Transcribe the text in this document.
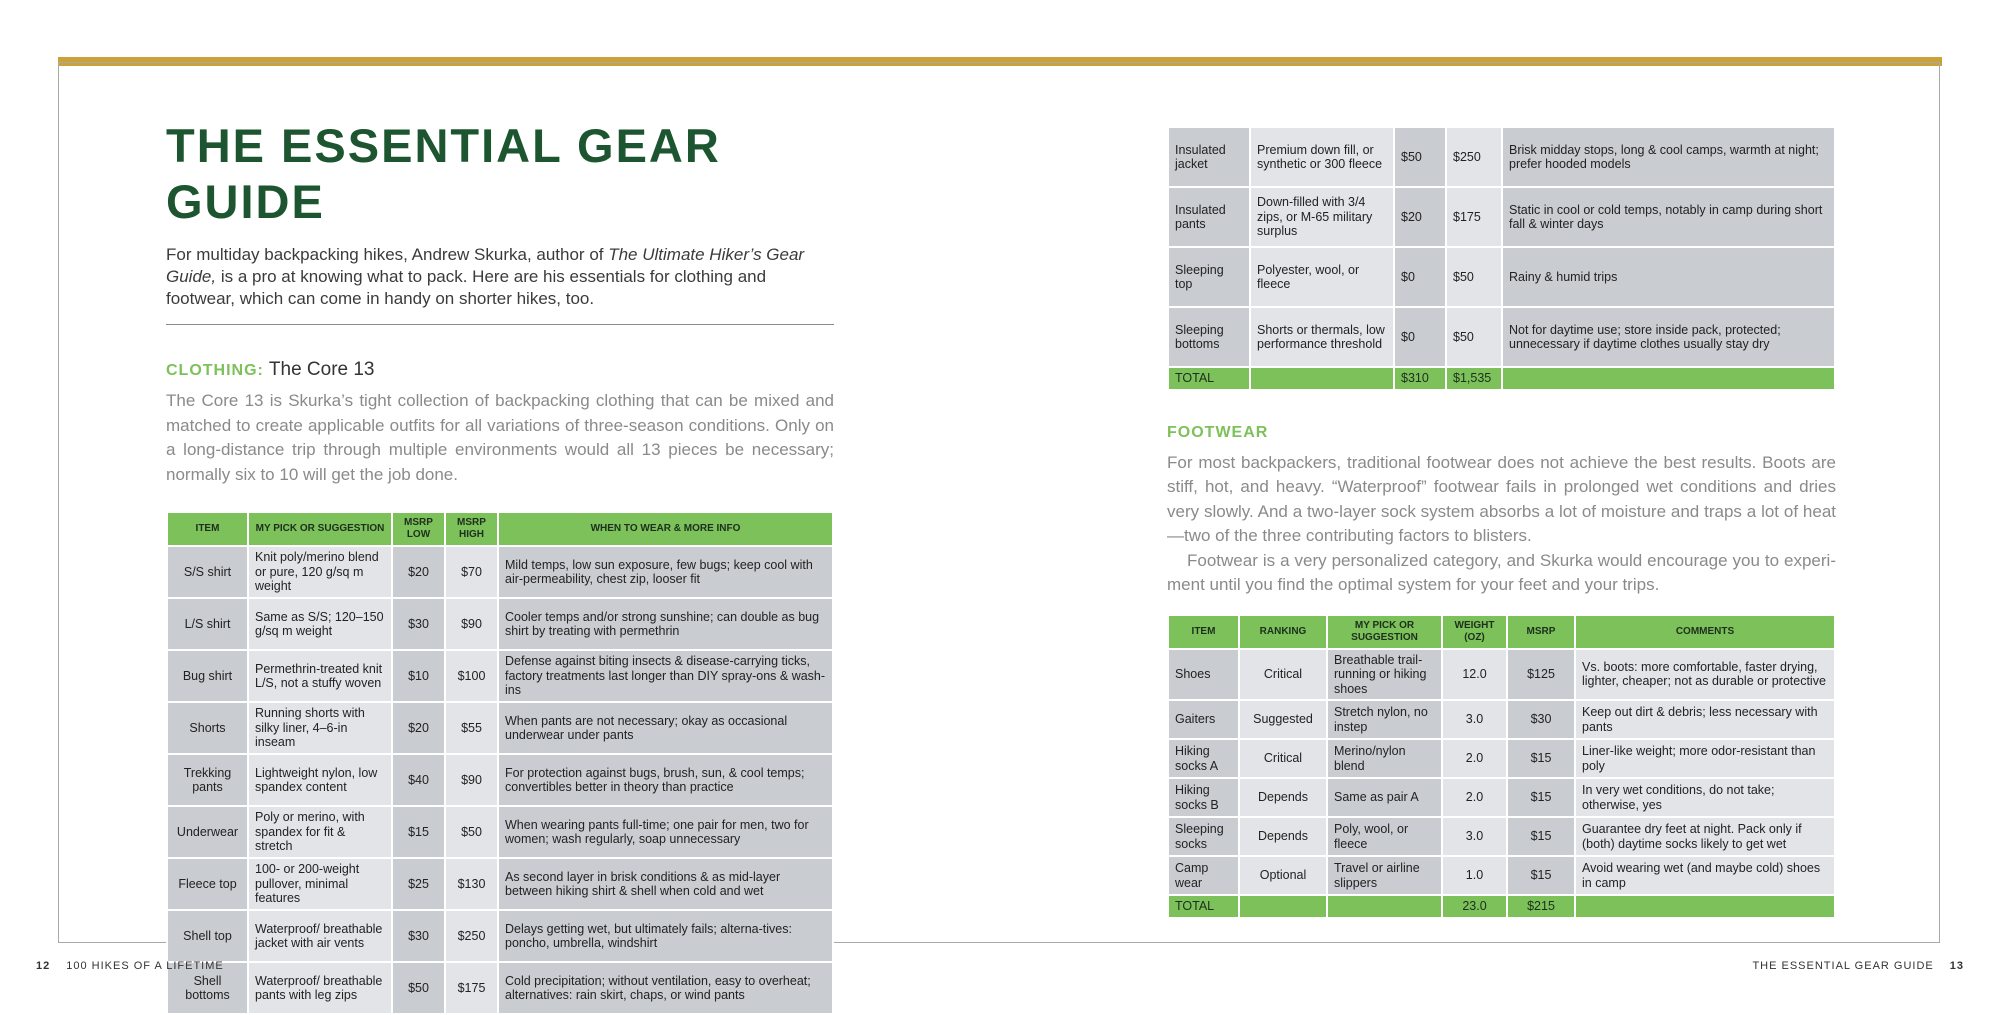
THE ESSENTIAL GEAR GUIDE

For multiday backpacking hikes, Andrew Skurka, author of The Ultimate Hiker’s Gear Guide, is a pro at knowing what to pack. Here are his essentials for clothing and footwear, which can come in handy on shorter hikes, too.

CLOTHING: The Core 13

The Core 13 is Skurka’s tight collection of backpacking clothing that can be mixed and matched to create applicable outfits for all variations of three-season conditions. Only on a long-distance trip through multiple environments would all 13 pieces be necessary; normally six to 10 will get the job done.

ITEM	MY PICK OR SUGGESTION	MSRP LOW	MSRP HIGH	WHEN TO WEAR & MORE INFO
S/S shirt	Knit poly/merino blend or pure, 120 g/sq m weight	$20	$70	Mild temps, low sun exposure, few bugs; keep cool with air-permeability, chest zip, looser fit
L/S shirt	Same as S/S; 120–150 g/sq m weight	$30	$90	Cooler temps and/or strong sunshine; can double as bug shirt by treating with permethrin
Bug shirt	Permethrin-treated knit L/S, not a stuffy woven	$10	$100	Defense against biting insects & disease-carrying ticks, factory treatments last longer than DIY spray-ons & wash-ins
Shorts	Running shorts with silky liner, 4–6-in inseam	$20	$55	When pants are not necessary; okay as occasional underwear under pants
Trekking pants	Lightweight nylon, low spandex content	$40	$90	For protection against bugs, brush, sun, & cool temps; convertibles better in theory than practice
Underwear	Poly or merino, with spandex for fit & stretch	$15	$50	When wearing pants full-time; one pair for men, two for women; wash regularly, soap unnecessary
Fleece top	100- or 200-weight pullover, minimal features	$25	$130	As second layer in brisk conditions & as mid-layer between hiking shirt & shell when cold and wet
Shell top	Waterproof/ breathable jacket with air vents	$30	$250	Delays getting wet, but ultimately fails; alterna-tives: poncho, umbrella, windshirt
Shell bottoms	Waterproof/ breathable pants with leg zips	$50	$175	Cold precipitation; without ventilation, easy to overheat; alternatives: rain skirt, chaps, or wind pants
Insulated jacket	Premium down fill, or synthetic or 300 fleece	$50	$250	Brisk midday stops, long & cool camps, warmth at night; prefer hooded models
Insulated pants	Down-filled with 3/4 zips, or M-65 military surplus	$20	$175	Static in cool or cold temps, notably in camp during short fall & winter days
Sleeping top	Polyester, wool, or fleece	$0	$50	Rainy & humid trips
Sleeping bottoms	Shorts or thermals, low performance threshold	$0	$50	Not for daytime use; store inside pack, protected; unnecessary if daytime clothes usually stay dry
TOTAL		$310	$1,535	
FOOTWEAR

For most backpackers, traditional footwear does not achieve the best results. Boots are stiff, hot, and heavy. “Waterproof” footwear fails in prolonged wet conditions and dries very slowly. And a two-layer sock system absorbs a lot of moisture and traps a lot of heat—two of the three contributing factors to blisters.

Footwear is a very personalized category, and Skurka would encourage you to experi-ment until you find the optimal system for your feet and your trips.

ITEM	RANKING	MY PICK OR SUGGESTION	WEIGHT (OZ)	MSRP	COMMENTS
Shoes	Critical	Breathable trail-running or hiking shoes	12.0	$125	Vs. boots: more comfortable, faster drying, lighter, cheaper; not as durable or protective
Gaiters	Suggested	Stretch nylon, no instep	3.0	$30	Keep out dirt & debris; less necessary with pants
Hiking socks A	Critical	Merino/nylon blend	2.0	$15	Liner-like weight; more odor-resistant than poly
Hiking socks B	Depends	Same as pair A	2.0	$15	In very wet conditions, do not take; otherwise, yes
Sleeping socks	Depends	Poly, wool, or fleece	3.0	$15	Guarantee dry feet at night. Pack only if (both) daytime socks likely to get wet
Camp wear	Optional	Travel or airline slippers	1.0	$15	Avoid wearing wet (and maybe cold) shoes in camp
TOTAL			23.0	$215	
12 100 HIKES OF A LIFETIME	THE ESSENTIAL GEAR GUIDE 13
